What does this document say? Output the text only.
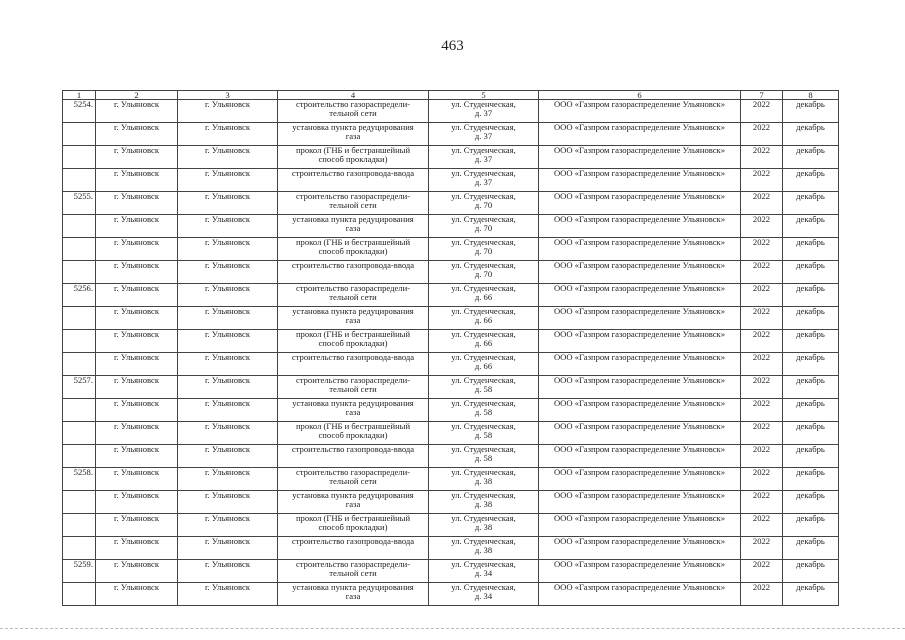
463
1	2	3	4	5	6	7	8
5254.	г. Ульяновск	г. Ульяновск	строительство газораспредели-
тельной сети	ул. Студенческая,
д. 37	ООО «Газпром газораспределение Ульяновск»	2022	декабрь
	г. Ульяновск	г. Ульяновск	установка пункта редуцирования
газа	ул. Студенческая,
д. 37	ООО «Газпром газораспределение Ульяновск»	2022	декабрь
	г. Ульяновск	г. Ульяновск	прокол (ГНБ и бестраншейный
способ прокладки)	ул. Студенческая,
д. 37	ООО «Газпром газораспределение Ульяновск»	2022	декабрь
	г. Ульяновск	г. Ульяновск	строительство газопровода-ввода	ул. Студенческая,
д. 37	ООО «Газпром газораспределение Ульяновск»	2022	декабрь
5255.	г. Ульяновск	г. Ульяновск	строительство газораспредели-
тельной сети	ул. Студенческая,
д. 70	ООО «Газпром газораспределение Ульяновск»	2022	декабрь
	г. Ульяновск	г. Ульяновск	установка пункта редуцирования
газа	ул. Студенческая,
д. 70	ООО «Газпром газораспределение Ульяновск»	2022	декабрь
	г. Ульяновск	г. Ульяновск	прокол (ГНБ и бестраншейный
способ прокладки)	ул. Студенческая,
д. 70	ООО «Газпром газораспределение Ульяновск»	2022	декабрь
	г. Ульяновск	г. Ульяновск	строительство газопровода-ввода	ул. Студенческая,
д. 70	ООО «Газпром газораспределение Ульяновск»	2022	декабрь
5256.	г. Ульяновск	г. Ульяновск	строительство газораспредели-
тельной сети	ул. Студенческая,
д. 66	ООО «Газпром газораспределение Ульяновск»	2022	декабрь
	г. Ульяновск	г. Ульяновск	установка пункта редуцирования
газа	ул. Студенческая,
д. 66	ООО «Газпром газораспределение Ульяновск»	2022	декабрь
	г. Ульяновск	г. Ульяновск	прокол (ГНБ и бестраншейный
способ прокладки)	ул. Студенческая,
д. 66	ООО «Газпром газораспределение Ульяновск»	2022	декабрь
	г. Ульяновск	г. Ульяновск	строительство газопровода-ввода	ул. Студенческая,
д. 66	ООО «Газпром газораспределение Ульяновск»	2022	декабрь
5257.	г. Ульяновск	г. Ульяновск	строительство газораспредели-
тельной сети	ул. Студенческая,
д. 58	ООО «Газпром газораспределение Ульяновск»	2022	декабрь
	г. Ульяновск	г. Ульяновск	установка пункта редуцирования
газа	ул. Студенческая,
д. 58	ООО «Газпром газораспределение Ульяновск»	2022	декабрь
	г. Ульяновск	г. Ульяновск	прокол (ГНБ и бестраншейный
способ прокладки)	ул. Студенческая,
д. 58	ООО «Газпром газораспределение Ульяновск»	2022	декабрь
	г. Ульяновск	г. Ульяновск	строительство газопровода-ввода	ул. Студенческая,
д. 58	ООО «Газпром газораспределение Ульяновск»	2022	декабрь
5258.	г. Ульяновск	г. Ульяновск	строительство газораспредели-
тельной сети	ул. Студенческая,
д. 38	ООО «Газпром газораспределение Ульяновск»	2022	декабрь
	г. Ульяновск	г. Ульяновск	установка пункта редуцирования
газа	ул. Студенческая,
д. 38	ООО «Газпром газораспределение Ульяновск»	2022	декабрь
	г. Ульяновск	г. Ульяновск	прокол (ГНБ и бестраншейный
способ прокладки)	ул. Студенческая,
д. 38	ООО «Газпром газораспределение Ульяновск»	2022	декабрь
	г. Ульяновск	г. Ульяновск	строительство газопровода-ввода	ул. Студенческая,
д. 38	ООО «Газпром газораспределение Ульяновск»	2022	декабрь
5259.	г. Ульяновск	г. Ульяновск	строительство газораспредели-
тельной сети	ул. Студенческая,
д. 34	ООО «Газпром газораспределение Ульяновск»	2022	декабрь
	г. Ульяновск	г. Ульяновск	установка пункта редуцирования
газа	ул. Студенческая,
д. 34	ООО «Газпром газораспределение Ульяновск»	2022	декабрь
